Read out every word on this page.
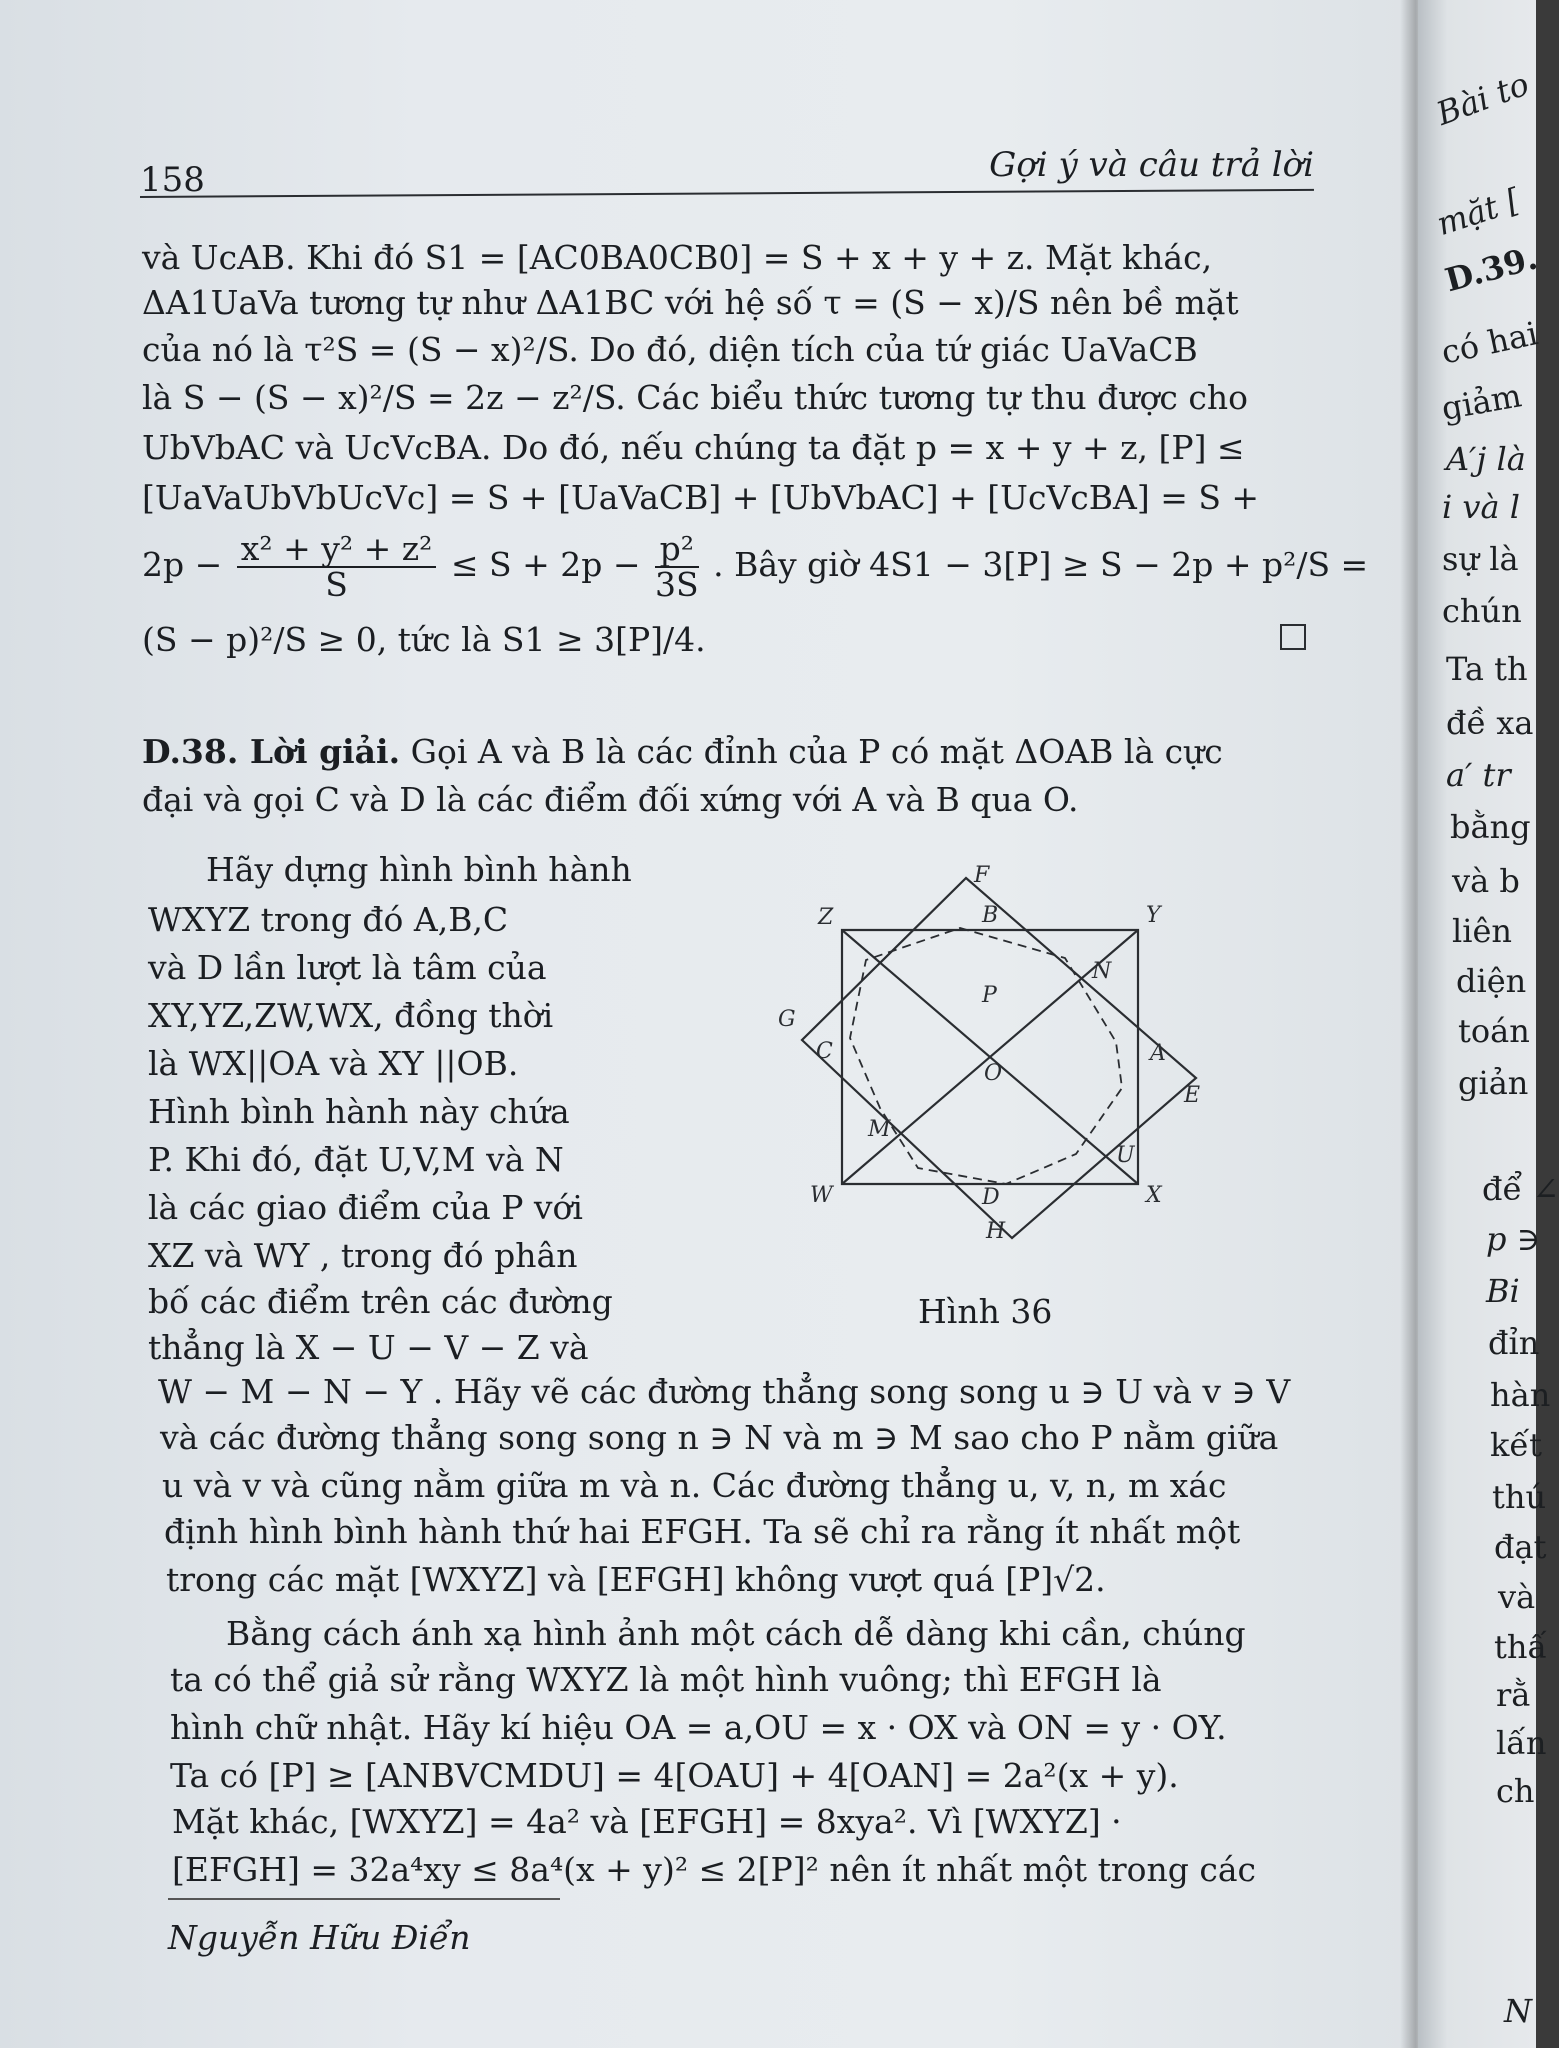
158	Gợi ý và câu trả lời
và UcAB. Khi đó S1 = [AC0BA0CB0] = S + x + y + z. Mặt khác,
ΔA1UaVa tương tự như ΔA1BC với hệ số τ = (S − x)/S nên bề mặt
của nó là τ²S = (S − x)²/S. Do đó, diện tích của tứ giác UaVaCB
là S − (S − x)²/S = 2z − z²/S. Các biểu thức tương tự thu được cho
UbVbAC và UcVcBA. Do đó, nếu chúng ta đặt p = x + y + z, [P] ≤
[UaVaUbVbUcVc] = S + [UaVaCB] + [UbVbAC] + [UcVcBA] = S +
$2p - \frac{\text{x² + y² + z²}}{S} \le S + 2p - \frac{\text{p²}}{3S}$ . Bây giờ 4S1 − 3[P] ≥ S − 2p + p²/S =
(S − p)²/S ≥ 0, tức là S1 ≥ 3[P]/4.
D.38. Lời giải. Gọi A và B là các đỉnh của P có mặt ΔOAB là cực
đại và gọi C và D là các điểm đối xứng với A và B qua O.
Hãy dựng hình bình hành
WXYZ trong đó A,B,C
và D lần lượt là tâm của
XY,YZ,ZW,WX, đồng thời
là WX||OA và XY ||OB.
Hình bình hành này chứa
P. Khi đó, đặt U,V,M và N
là các giao điểm của P với
XZ và WY , trong đó phân
bố các điểm trên các đường
thẳng là X − U − V − Z và
F
Z	B	Y
N
P
G
C
O
A
E
M
U
W	D	X
H
Hình 36
W − M − N − Y . Hãy vẽ các đường thẳng song song u ∋ U và v ∋ V
và các đường thẳng song song n ∋ N và m ∋ M sao cho P nằm giữa
u và v và cũng nằm giữa m và n. Các đường thẳng u, v, n, m xác
định hình bình hành thứ hai EFGH. Ta sẽ chỉ ra rằng ít nhất một
trong các mặt [WXYZ] và [EFGH] không vượt quá [P]√2.
Bằng cách ánh xạ hình ảnh một cách dễ dàng khi cần, chúng
ta có thể giả sử rằng WXYZ là một hình vuông; thì EFGH là
hình chữ nhật. Hãy kí hiệu OA = a,OU = x · OX và ON = y · OY.
Ta có [P] ≥ [ANBVCMDU] = 4[OAU] + 4[OAN] = 2a²(x + y).
Mặt khác, [WXYZ] = 4a² và [EFGH] = 8xya². Vì [WXYZ] ·
[EFGH] = 32a⁴xy ≤ 8a⁴(x + y)² ≤ 2[P]² nên ít nhất một trong các
Nguyễn Hữu Điển
Bài to
mặt [
D.39.
có hai
giảm
A′j là
i và l
sự là
chún
Ta th
đề xa
a′ tr
bằng
và b
liên
diện
toán
giản
để ∠
p ∋
Bi
đỉn
hàn
kết
thú
đạt
và
thấ
rằ
lấn
ch
N
